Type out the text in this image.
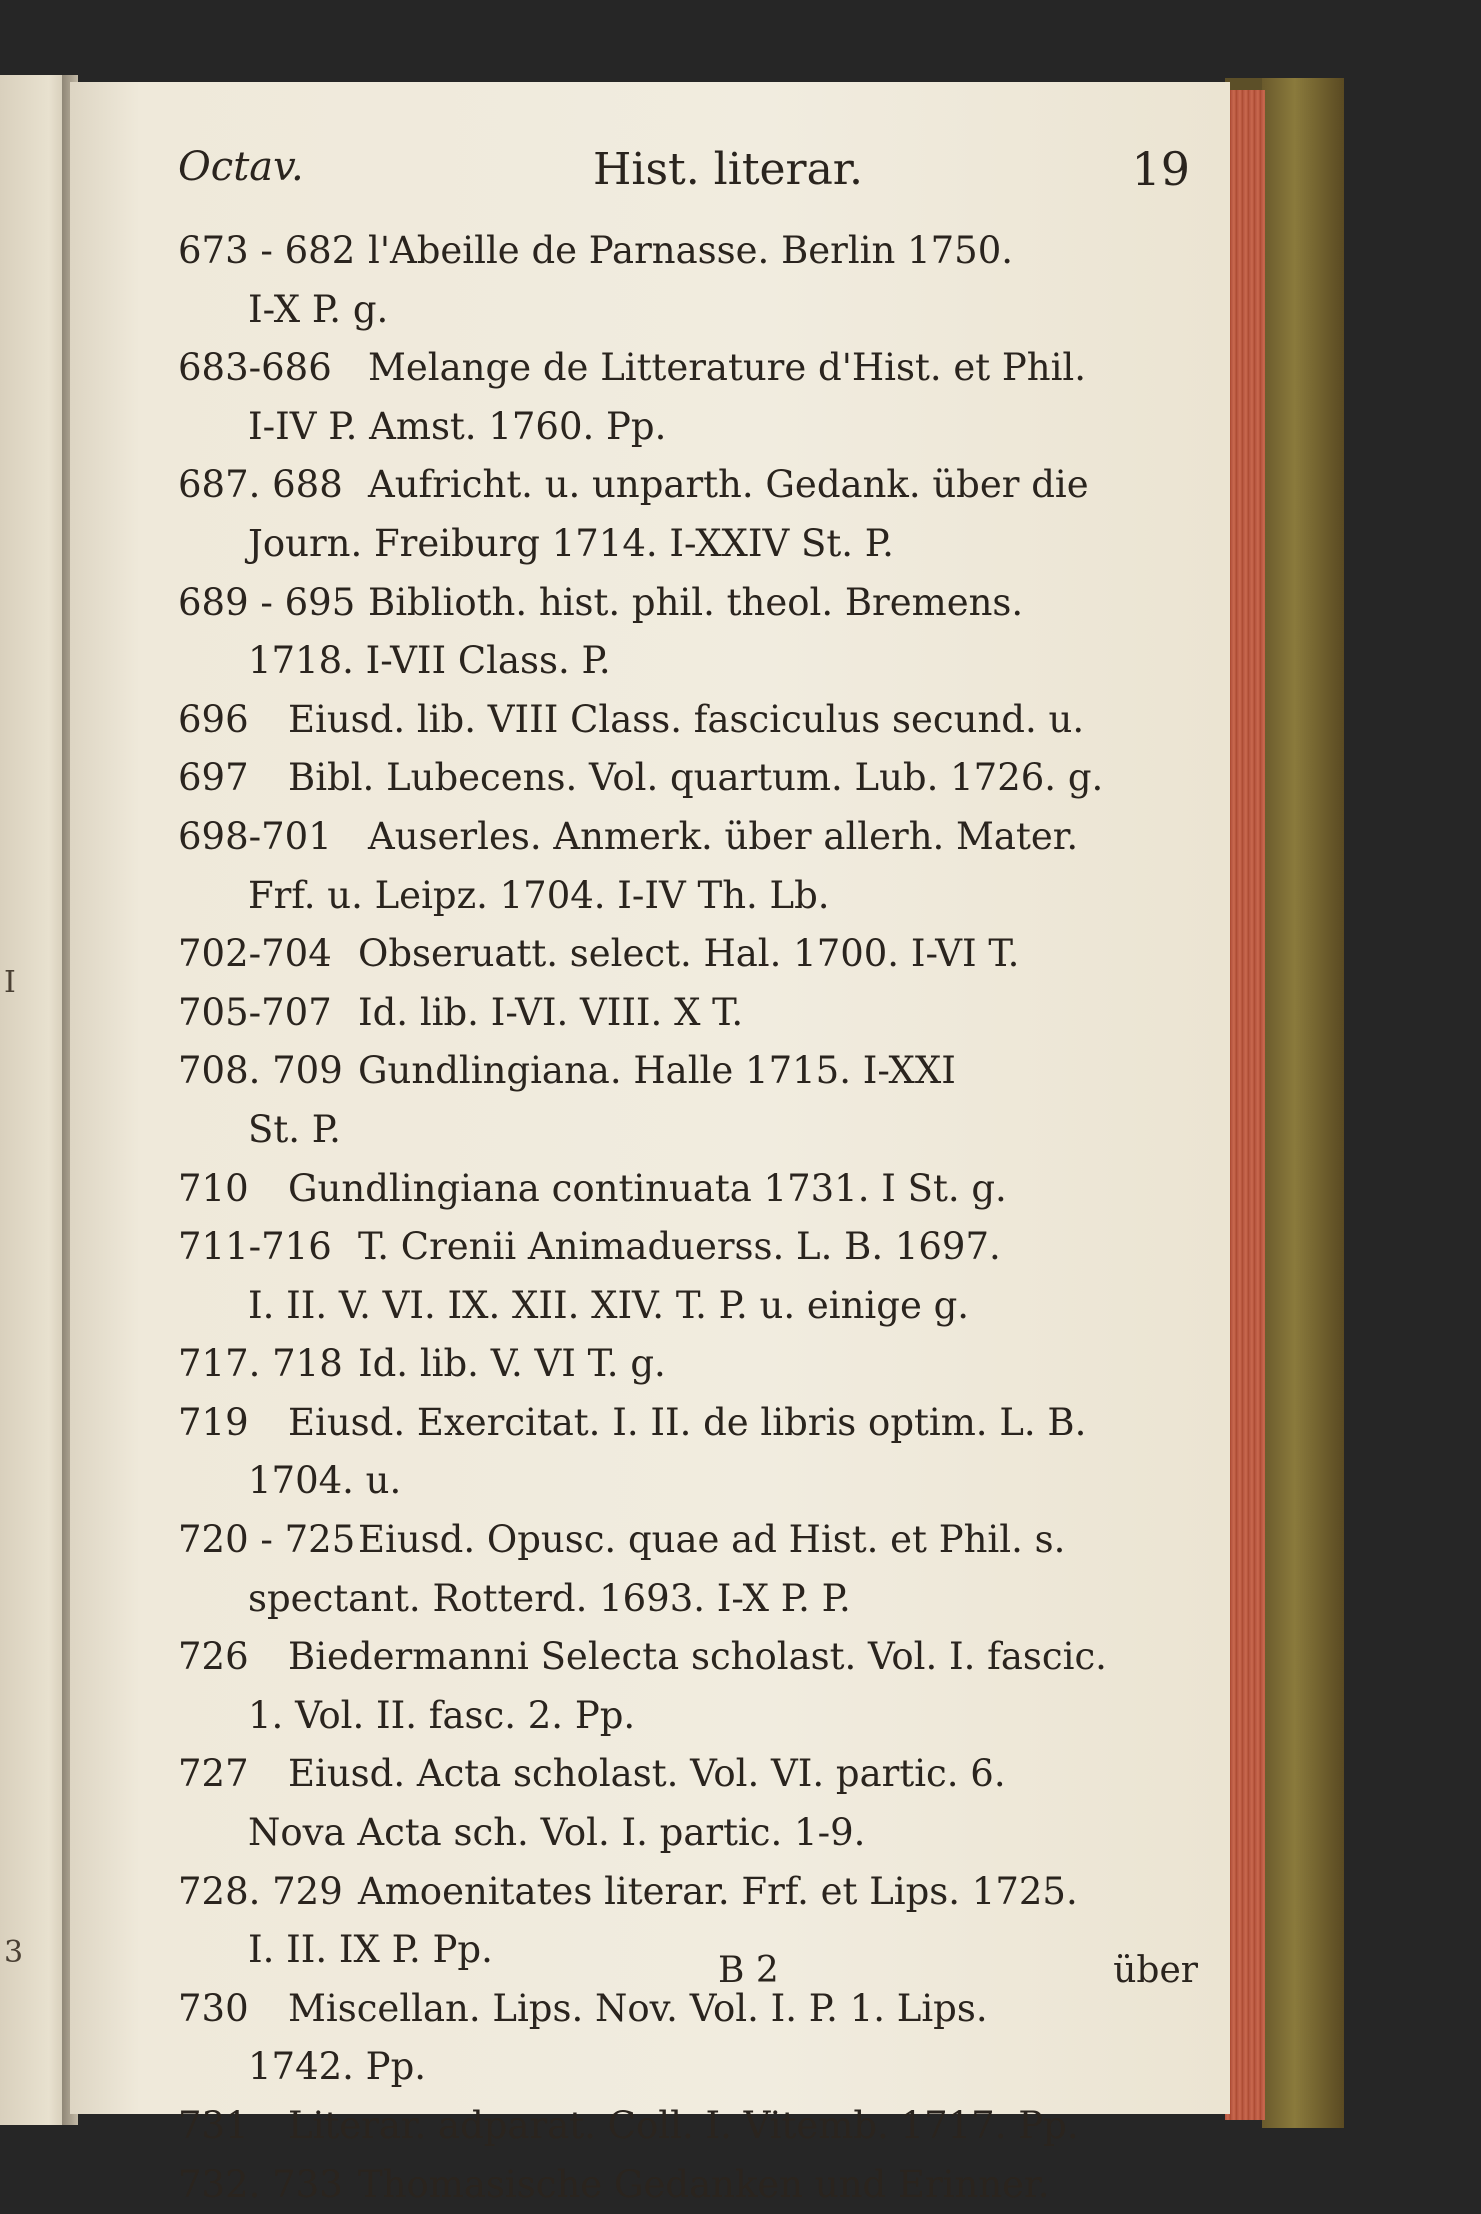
I
3
Octav.	Hist. literar.	19
673 - 682 l'Abeille de Parnasse. Berlin 1750.
I-X P. g.
683-686 Melange de Litterature d'Hist. et Phil.
I-IV P. Amst. 1760. Pp.
687. 688 Aufricht. u. unparth. Gedank. über die
Journ. Freiburg 1714. I-XXIV St. P.
689 - 695 Biblioth. hist. phil. theol. Bremens.
1718. I-VII Class. P.
696 Eiusd. lib. VIII Class. fasciculus secund. u.
697 Bibl. Lubecens. Vol. quartum. Lub. 1726. g.
698-701 Auserles. Anmerk. über allerh. Mater.
Frf. u. Leipz. 1704. I-IV Th. Lb.
702-704 Obseruatt. select. Hal. 1700. I-VI T.
705-707 Id. lib. I-VI. VIII. X T.
708. 709 Gundlingiana. Halle 1715. I-XXI
St. P.
710 Gundlingiana continuata 1731. I St. g.
711-716 T. Crenii Animaduerss. L. B. 1697.
I. II. V. VI. IX. XII. XIV. T. P. u. einige g.
717. 718 Id. lib. V. VI T. g.
719 Eiusd. Exercitat. I. II. de libris optim. L. B.
1704. u.
720 - 725 Eiusd. Opusc. quae ad Hist. et Phil. s.
spectant. Rotterd. 1693. I-X P. P.
726 Biedermanni Selecta scholast. Vol. I. fascic.
1. Vol. II. fasc. 2. Pp.
727 Eiusd. Acta scholast. Vol. VI. partic. 6.
Nova Acta sch. Vol. I. partic. 1-9.
728. 729 Amoenitates literar. Frf. et Lips. 1725.
I. II. IX P. Pp.
730 Miscellan. Lips. Nov. Vol. I. P. 1. Lips.
1742. Pp.
731 Literar. adparat. Coll. I. Vitemb. 1717. Pp.
732. 733 Thomasische Gedanken und Erinner.
B 2	über
